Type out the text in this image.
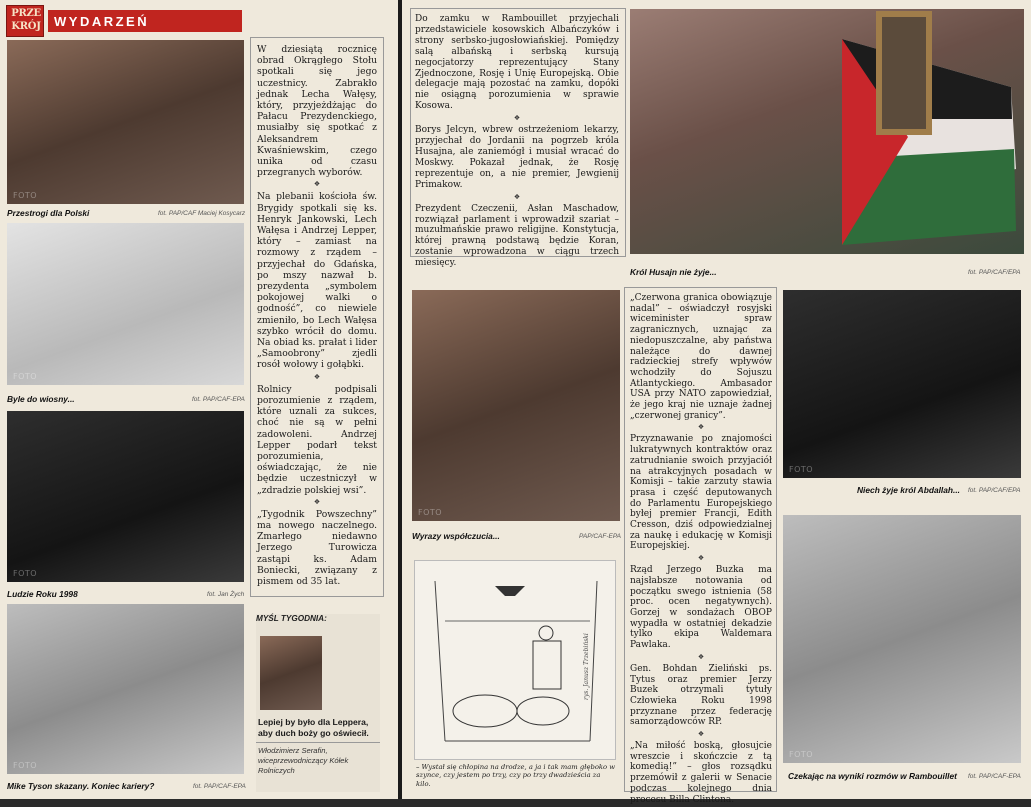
PRZE
KRÓJ WYDARZEŃ
FOTO
Przestrogi dla Polski	fot. PAP/CAF Maciej Kosycarz
FOTO
Byle do wiosny...	fot. PAP/CAF-EPA
FOTO
Ludzie Roku 1998	fot. Jan Żych
FOTO
Mike Tyson skazany. Koniec kariery?	fot. PAP/CAF-EPA

W dziesiątą rocznicę obrad Okrągłego Stołu spotkali się jego uczestnicy. Zabrakło jednak Lecha Wałęsy, który, przyjeżdżając do Pałacu Prezydenckiego, musiałby się spotkać z Aleksandrem Kwaśniewskim, czego unika od czasu przegranych wyborów.

❖

Na plebanii kościoła św. Brygidy spotkali się ks. Henryk Jankowski, Lech Wałęsa i Andrzej Lepper, który – zamiast na rozmowy z rządem – przyjechał do Gdańska, po mszy nazwał b. prezydenta „symbolem pokojowej walki o godność”, co niewiele zmieniło, bo Lech Wałęsa szybko wrócił do domu. Na obiad ks. prałat i lider „Samoobrony” zjedli rosół wołowy i gołąbki.

❖

Rolnicy podpisali porozumienie z rządem, które uznali za sukces, choć nie są w pełni zadowoleni. Andrzej Lepper podarł tekst porozumienia, oświadczając, że nie będzie uczestniczył w „zdradzie polskiej wsi”.

❖

„Tygodnik Powszechny” ma nowego naczelnego. Zmarłego niedawno Jerzego Turowicza zastąpi ks. Adam Boniecki, związany z pismem od 35 lat.

MYŚL TYGODNIA:
Lepiej by było dla Leppera, aby duch boży go oświecił.
Włodzimierz Serafin, wiceprzewodniczący Kółek Rolniczych

Do zamku w Rambouillet przyjechali przedstawiciele kosowskich Albańczyków i strony serbsko-jugosłowiańskiej. Pomiędzy salą albańską i serbską kursują negocjatorzy reprezentujący Stany Zjednoczone, Rosję i Unię Europejską. Obie delegacje mają pozostać na zamku, dopóki nie osiągną porozumienia w sprawie Kosowa.

❖

Borys Jelcyn, wbrew ostrzeżeniom lekarzy, przyjechał do Jordanii na pogrzeb króla Husajna, ale zaniemógł i musiał wracać do Moskwy. Pokazał jednak, że Rosję reprezentuje on, a nie premier, Jewgienij Primakow.

❖

Prezydent Czeczenii, Asłan Maschadow, rozwiązał parlament i wprowadził szariat – muzułmańskie prawo religijne. Konstytucja, której prawną podstawą będzie Koran, zostanie wprowadzona w ciągu trzech miesięcy.

Król Husajn nie żyje...	fot. PAP/CAF/EPA
FOTO
Wyrazy współczucia...	PAP/CAF-EPA
rys. Janusz Trzebiński
– Wystał się chłopina na drodze, a ja i tak mam głęboko w szynce, czy jestem po trzy, czy po trzy dwadzieścia za kilo.

„Czerwona granica obowiązuje nadal” – oświadczył rosyjski wiceminister spraw zagranicznych, uznając za niedopuszczalne, aby państwa należące do dawnej radzieckiej strefy wpływów wchodziły do Sojuszu Atlantyckiego. Ambasador USA przy NATO zapowiedział, że jego kraj nie uznaje żadnej „czerwonej granicy”.

❖

Przyznawanie po znajomości lukratywnych kontraktów oraz zatrudnianie swoich przyjaciół na atrakcyjnych posadach w Komisji – takie zarzuty stawia prasa i część deputowanych do Parlamentu Europejskiego byłej premier Francji, Edith Cresson, dziś odpowiedzialnej za naukę i edukację w Komisji Europejskiej.

❖

Rząd Jerzego Buzka ma najsłabsze notowania od początku swego istnienia (58 proc. ocen negatywnych). Gorzej w sondażach OBOP wypadła w ostatniej dekadzie tylko ekipa Waldemara Pawlaka.

❖

Gen. Bohdan Zieliński ps. Tytus oraz premier Jerzy Buzek otrzymali tytuły Człowieka Roku 1998 przyznane przez federację samorządowców RP.

❖

„Na miłość boską, głosujcie wreszcie i skończcie z tą komedią!” – głos rozsądku przemówił z galerii w Senacie podczas kolejnego dnia procesu Billa Clintona.

FOTO
Niech żyje król Abdallah... fot. PAP/CAF/EPA
FOTO
Czekając na wyniki rozmów w Rambouillet fot. PAP/CAF-EPA
